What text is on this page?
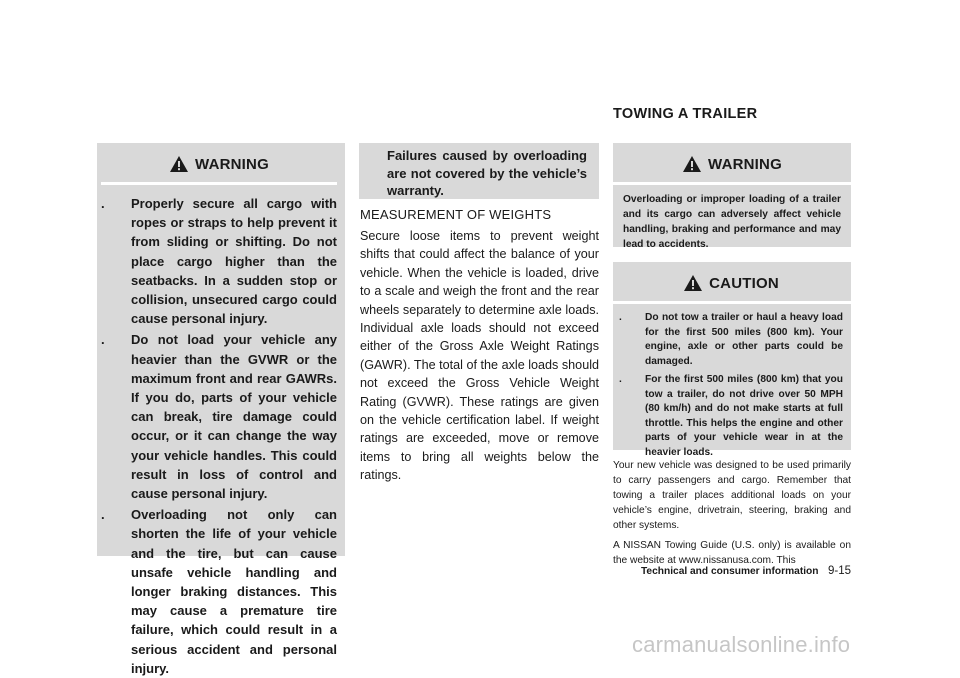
TOWING A TRAILER
WARNING
. Properly secure all cargo with ropes or straps to help prevent it from sliding or shifting. Do not place cargo higher than the seatbacks. In a sudden stop or collision, unsecured cargo could cause personal injury.
. Do not load your vehicle any heavier than the GVWR or the maximum front and rear GAWRs. If you do, parts of your vehicle can break, tire damage could occur, or it can change the way your vehicle handles. This could result in loss of control and cause personal injury.
. Overloading not only can shorten the life of your vehicle and the tire, but can cause unsafe vehicle handling and longer braking distances. This may cause a premature tire failure, which could result in a serious accident and personal injury.
Failures caused by overloading are not covered by the vehicle’s warranty.
MEASUREMENT OF WEIGHTS

Secure loose items to prevent weight shifts that could affect the balance of your vehicle. When the vehicle is loaded, drive to a scale and weigh the front and the rear wheels separately to determine axle loads. Individual axle loads should not exceed either of the Gross Axle Weight Ratings (GAWR). The total of the axle loads should not exceed the Gross Vehicle Weight Rating (GVWR). These ratings are given on the vehicle certification label. If weight ratings are exceeded, move or remove items to bring all weights below the ratings.

WARNING
Overloading or improper loading of a trailer and its cargo can adversely affect vehicle handling, braking and performance and may lead to accidents.
CAUTION
. Do not tow a trailer or haul a heavy load for the first 500 miles (800 km). Your engine, axle or other parts could be damaged.
. For the first 500 miles (800 km) that you tow a trailer, do not drive over 50 MPH (80 km/h) and do not make starts at full throttle. This helps the engine and other parts of your vehicle wear in at the heavier loads.

Your new vehicle was designed to be used primarily to carry passengers and cargo. Remember that towing a trailer places additional loads on your vehicle’s engine, drivetrain, steering, braking and other systems.

A NISSAN Towing Guide (U.S. only) is available on the website at www.nissanusa.com. This

Technical and consumer information 9-15
carmanualsonline.info
